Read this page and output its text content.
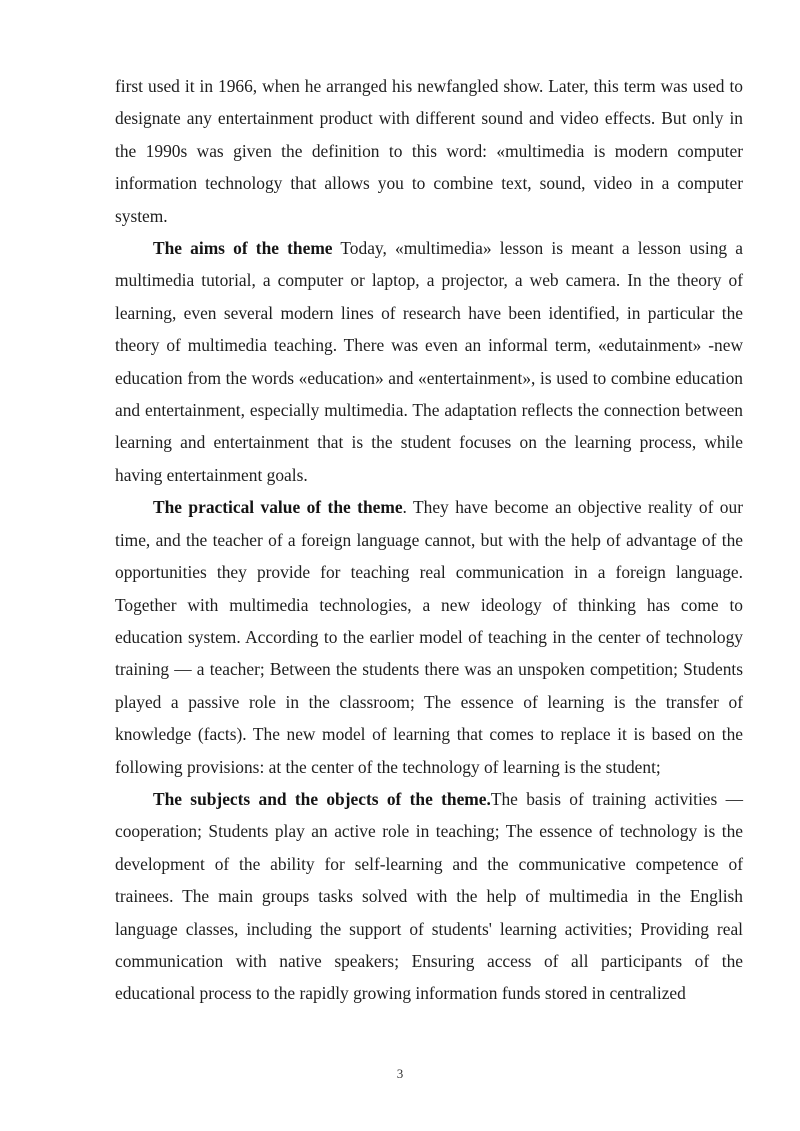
first used it in 1966, when he arranged his newfangled show. Later, this term was used to designate any entertainment product with different sound and video effects. But only in the 1990s was given the definition to this word: «multimedia is modern computer information technology that allows you to combine text, sound, video in a computer system.

The aims of the theme Today, «multimedia» lesson is meant a lesson using a multimedia tutorial, a computer or laptop, a projector, a web camera. In the theory of learning, even several modern lines of research have been identified, in particular the theory of multimedia teaching. There was even an informal term, «edutainment» -new education from the words «education» and «entertainment», is used to combine education and entertainment, especially multimedia. The adaptation reflects the connection between learning and entertainment that is the student focuses on the learning process, while having entertainment goals.

The practical value of the theme. They have become an objective reality of our time, and the teacher of a foreign language cannot, but with the help of advantage of the opportunities they provide for teaching real communication in a foreign language. Together with multimedia technologies, a new ideology of thinking has come to education system. According to the earlier model of teaching in the center of technology training — a teacher; Between the students there was an unspoken competition; Students played a passive role in the classroom; The essence of learning is the transfer of knowledge (facts). The new model of learning that comes to replace it is based on the following provisions: at the center of the technology of learning is the student;

The subjects and the objects of the theme.The basis of training activities — cooperation; Students play an active role in teaching; The essence of technology is the development of the ability for self-learning and the communicative competence of trainees. The main groups tasks solved with the help of multimedia in the English language classes, including the support of students' learning activities; Providing real communication with native speakers; Ensuring access of all participants of the educational process to the rapidly growing information funds stored in centralized

3
